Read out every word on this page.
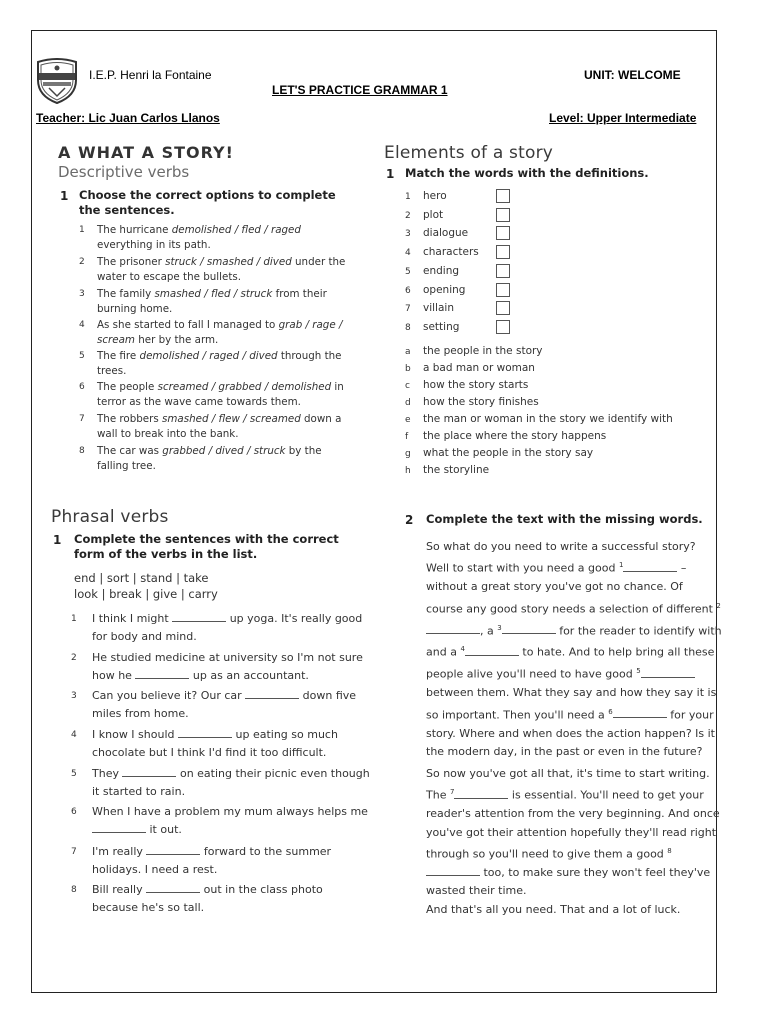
I.E.P. Henri la Fontaine
LET'S PRACTICE GRAMMAR 1
UNIT: WELCOME
Teacher: Lic Juan Carlos Llanos	Level: Upper Intermediate
A WHAT A STORY!
Descriptive verbs
1 Choose the correct options to complete the sentences.
1	The hurricane demolished / fled / raged everything in its path.
2	The prisoner struck / smashed / dived under the water to escape the bullets.
3	The family smashed / fled / struck from their burning home.
4	As she started to fall I managed to grab / rage / scream her by the arm.
5	The fire demolished / raged / dived through the trees.
6	The people screamed / grabbed / demolished in terror as the wave came towards them.
7	The robbers smashed / flew / screamed down a wall to break into the bank.
8	The car was grabbed / dived / struck by the falling tree.
Elements of a story
1 Match the words with the definitions.
1 hero
2 plot
3 dialogue
4 characters
5 ending
6 opening
7 villain
8 setting
a the people in the story
b a bad man or woman
c how the story starts
d how the story finishes
e the man or woman in the story we identify with
f the place where the story happens
g what the people in the story say
h the storyline
Phrasal verbs
1 Complete the sentences with the correct form of the verbs in the list.
end | sort | stand | take
look | break | give | carry
1	I think I might	up yoga. It's really good for body and mind.
2	He studied medicine at university so I'm not sure how he	up as an accountant.
3	Can you believe it? Our car	down five miles from home.
4	I know I should	up eating so much chocolate but I think I'd find it too difficult.
5	They	on eating their picnic even though it started to rain.
6	When I have a problem my mum always helps me  it out.
7	I'm really	forward to the summer holidays. I need a rest.
8	Bill really	out in the class photo because he's so tall.
2 Complete the text with the missing words.
So what do you need to write a successful story? Well to start with you need a good $^1$	– without a great story you've got no chance. Of course any good story needs a selection of different $^2$, a $^3$	for the reader to identify with and a $^4$	to hate. And to help bring all these people alive you'll need to have good $^5$ between them. What they say and how they say it is so important. Then you'll need a $^6$	for your story. Where and when does the action happen? Is it the modern day, in the past or even in the future?
So now you've got all that, it's time to start writing. The $^7$	is essential. You'll need to get your reader's attention from the very beginning. And once you've got their attention hopefully they'll read right through so you'll need to give them a good $^8$ too, to make sure they won't feel they've wasted their time.
And that's all you need. That and a lot of luck.
